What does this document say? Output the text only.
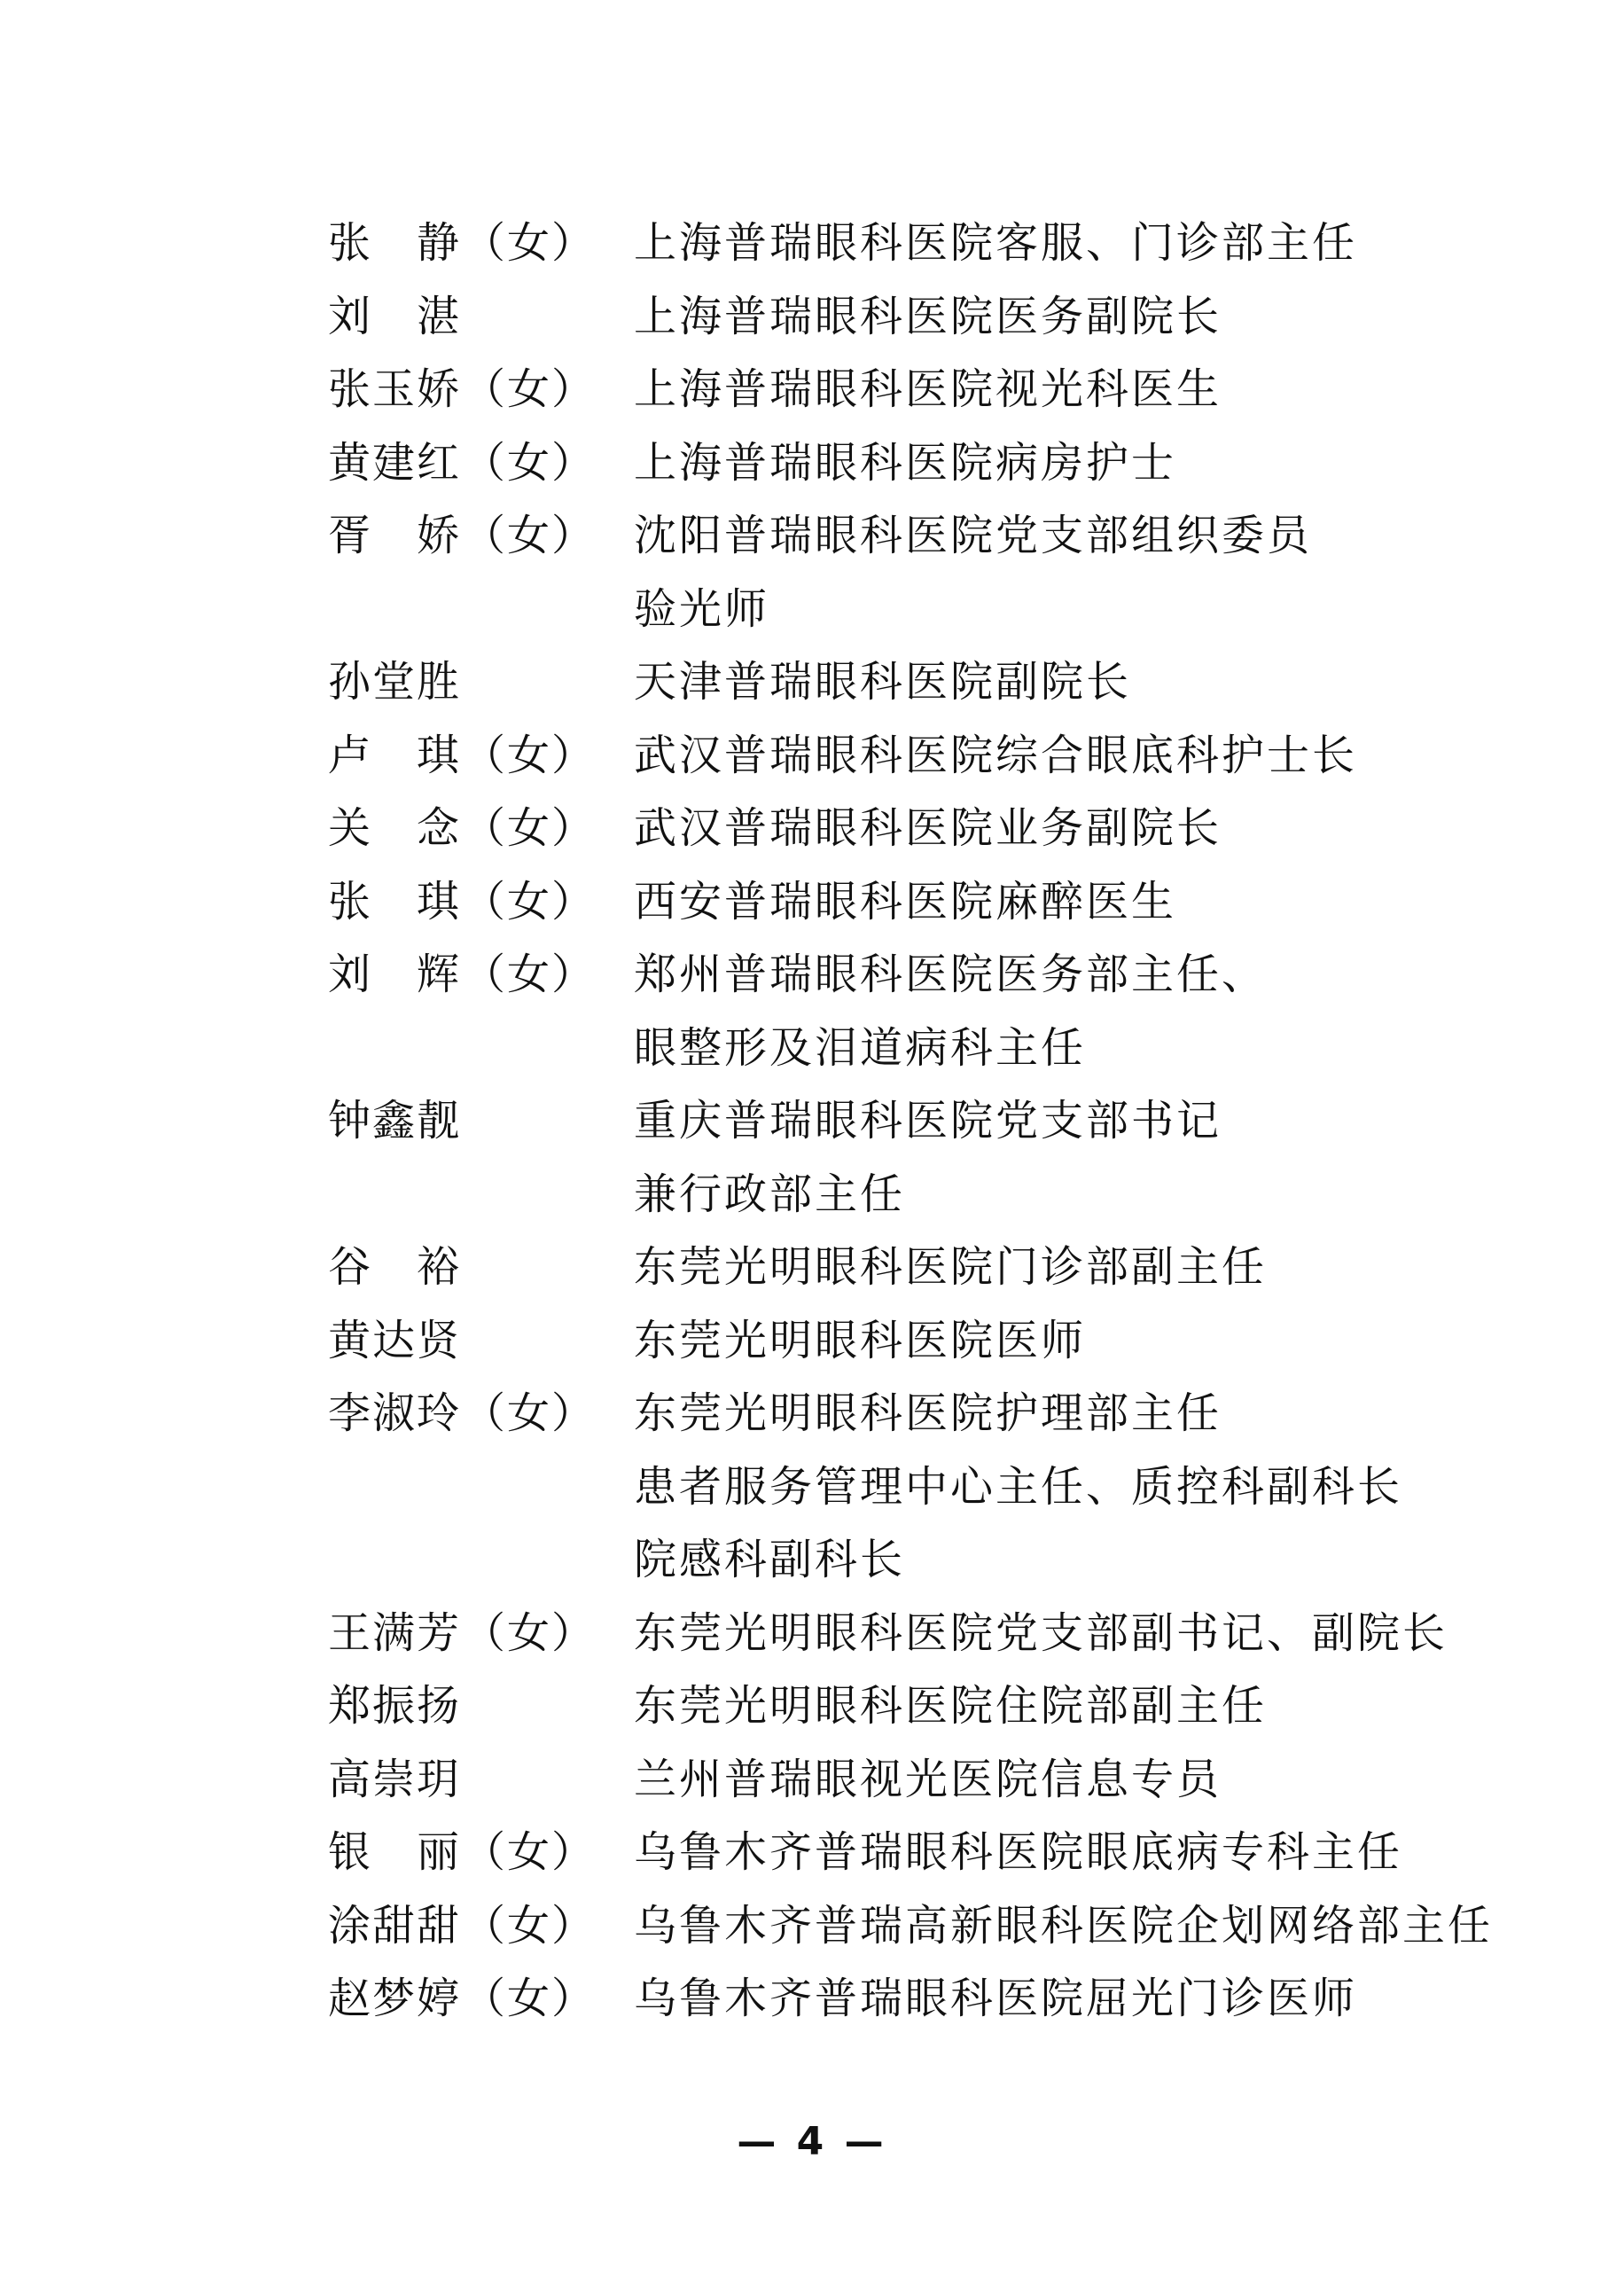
张　静 （女） 上海普瑞眼科医院客服、门诊部主任
刘　湛	上海普瑞眼科医院医务副院长
张玉娇 （女） 上海普瑞眼科医院视光科医生
黄建红 （女） 上海普瑞眼科医院病房护士
胥　娇 （女） 沈阳普瑞眼科医院党支部组织委员
验光师
孙堂胜	天津普瑞眼科医院副院长
卢　琪 （女） 武汉普瑞眼科医院综合眼底科护士长
关　念 （女） 武汉普瑞眼科医院业务副院长
张　琪 （女） 西安普瑞眼科医院麻醉医生
刘　辉 （女） 郑州普瑞眼科医院医务部主任、
眼整形及泪道病科主任
钟鑫靓	重庆普瑞眼科医院党支部书记
兼行政部主任
谷　裕	东莞光明眼科医院门诊部副主任
黄达贤	东莞光明眼科医院医师
李淑玲 （女） 东莞光明眼科医院护理部主任
患者服务管理中心主任、质控科副科长
院感科副科长
王满芳 （女） 东莞光明眼科医院党支部副书记、副院长
郑振扬	东莞光明眼科医院住院部副主任
高崇玥	兰州普瑞眼视光医院信息专员
银　丽 （女） 乌鲁木齐普瑞眼科医院眼底病专科主任
涂甜甜 （女） 乌鲁木齐普瑞高新眼科医院企划网络部主任
赵梦婷 （女） 乌鲁木齐普瑞眼科医院屈光门诊医师
— 4 —
